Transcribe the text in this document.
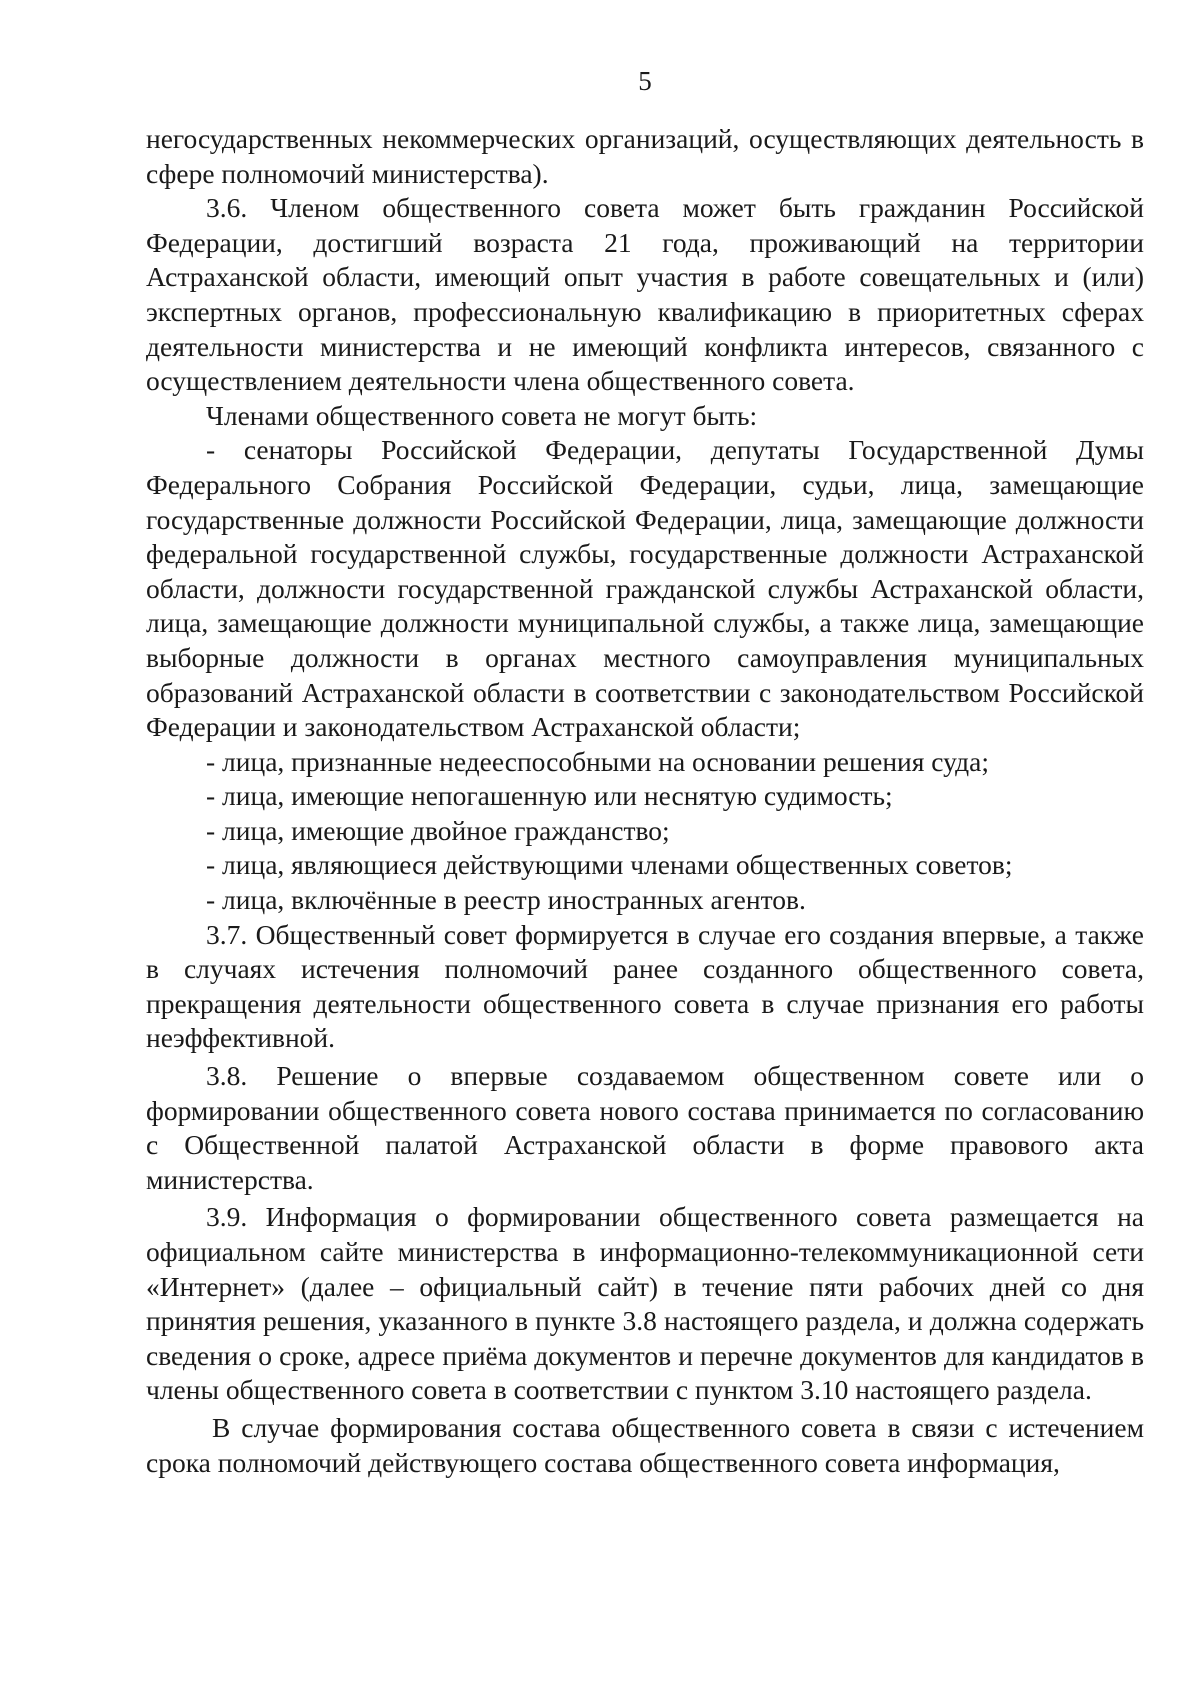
5

негосударственных некоммерческих организаций, осуществляющих деятельность в сфере полномочий министерства).

3.6. Членом общественного совета может быть гражданин Российской Федерации, достигший возраста 21 года, проживающий на территории Астраханской области, имеющий опыт участия в работе совещательных и (или) экспертных органов, профессиональную квалификацию в приоритетных сферах деятельности министерства и не имеющий конфликта интересов, связанного с осуществлением деятельности члена общественного совета.

Членами общественного совета не могут быть:

- сенаторы Российской Федерации, депутаты Государственной Думы Федерального Собрания Российской Федерации, судьи, лица, замещающие государственные должности Российской Федерации, лица, замещающие должности федеральной государственной службы, государственные должности Астраханской области, должности государственной гражданской службы Астраханской области, лица, замещающие должности муниципальной службы, а также лица, замещающие выборные должности в органах местного самоуправления муниципальных образований Астраханской области в соответствии с законодательством Российской Федерации и законодательством Астраханской области;

- лица, признанные недееспособными на основании решения суда;

- лица, имеющие непогашенную или неснятую судимость;

- лица, имеющие двойное гражданство;

- лица, являющиеся действующими членами общественных советов;

- лица, включённые в реестр иностранных агентов.

3.7. Общественный совет формируется в случае его создания впервые, а также в случаях истечения полномочий ранее созданного общественного совета, прекращения деятельности общественного совета в случае признания его работы неэффективной.

3.8. Решение о впервые создаваемом общественном совете или о формировании общественного совета нового состава принимается по согласованию с Общественной палатой Астраханской области в форме правового акта министерства.

3.9. Информация о формировании общественного совета размещается на официальном сайте министерства в информационно-телекоммуникационной сети «Интернет» (далее – официальный сайт) в течение пяти рабочих дней со дня принятия решения, указанного в пункте 3.8 настоящего раздела, и должна содержать сведения о сроке, адресе приёма документов и перечне документов для кандидатов в члены общественного совета в соответствии с пунктом 3.10 настоящего раздела.

В случае формирования состава общественного совета в связи с истечением срока полномочий действующего состава общественного совета информация,
